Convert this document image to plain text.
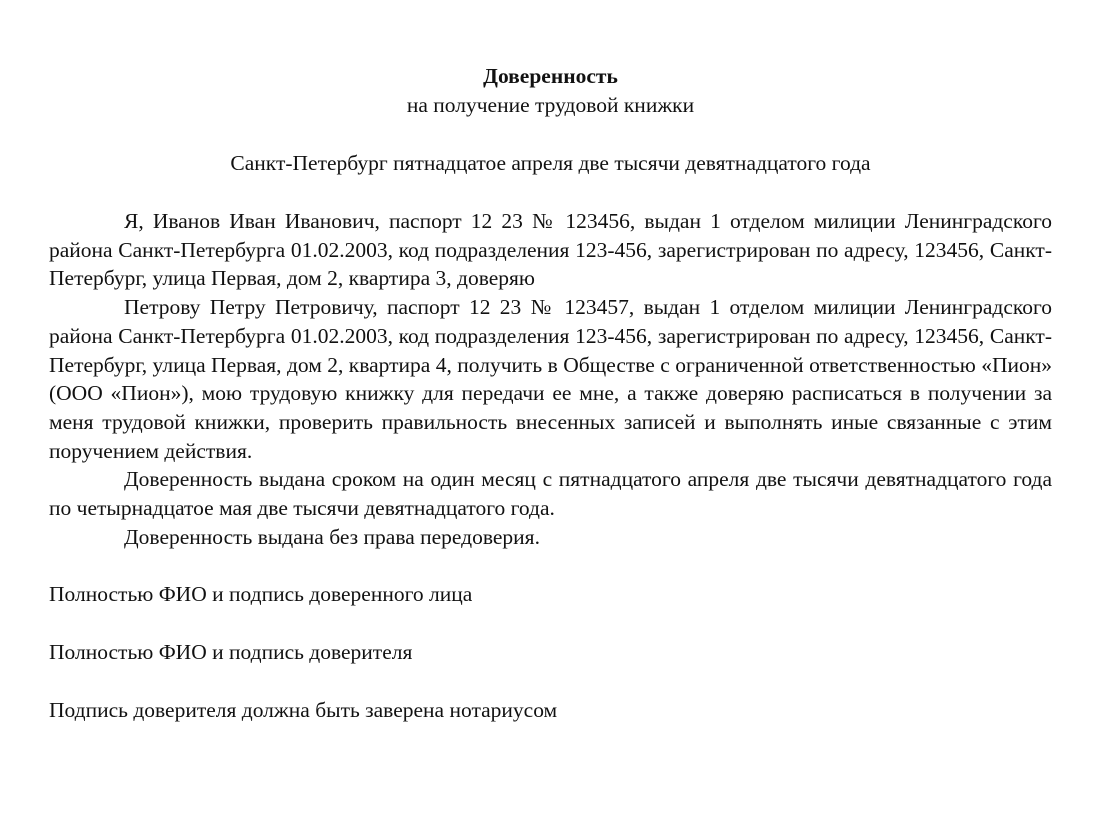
Доверенность

на получение трудовой книжки

Санкт-Петербург пятнадцатое апреля две тысячи девятнадцатого года

Я, Иванов Иван Иванович, паспорт 12 23 № 123456, выдан 1 отделом милиции Ленинградского района Санкт-Петербурга 01.02.2003, код подразделения 123-456, зарегистрирован по адресу, 123456, Санкт-Петербург, улица Первая, дом 2, квартира 3, доверяю

Петрову Петру Петровичу, паспорт 12 23 № 123457, выдан 1 отделом милиции Ленинградского района Санкт-Петербурга 01.02.2003, код подразделения 123-456, зарегистрирован по адресу, 123456, Санкт-Петербург, улица Первая, дом 2, квартира 4, получить в Обществе с ограниченной ответственностью «Пион» (ООО «Пион»), мою трудовую книжку для передачи ее мне, а также доверяю расписаться в получении за меня трудовой книжки, проверить правильность внесенных записей и выполнять иные связанные с этим поручением действия.

Доверенность выдана сроком на один месяц с пятнадцатого апреля две тысячи девятнадцатого года по четырнадцатое мая две тысячи девятнадцатого года.

Доверенность выдана без права передоверия.

Полностью ФИО и подпись доверенного лица

Полностью ФИО и подпись доверителя

Подпись доверителя должна быть заверена нотариусом
